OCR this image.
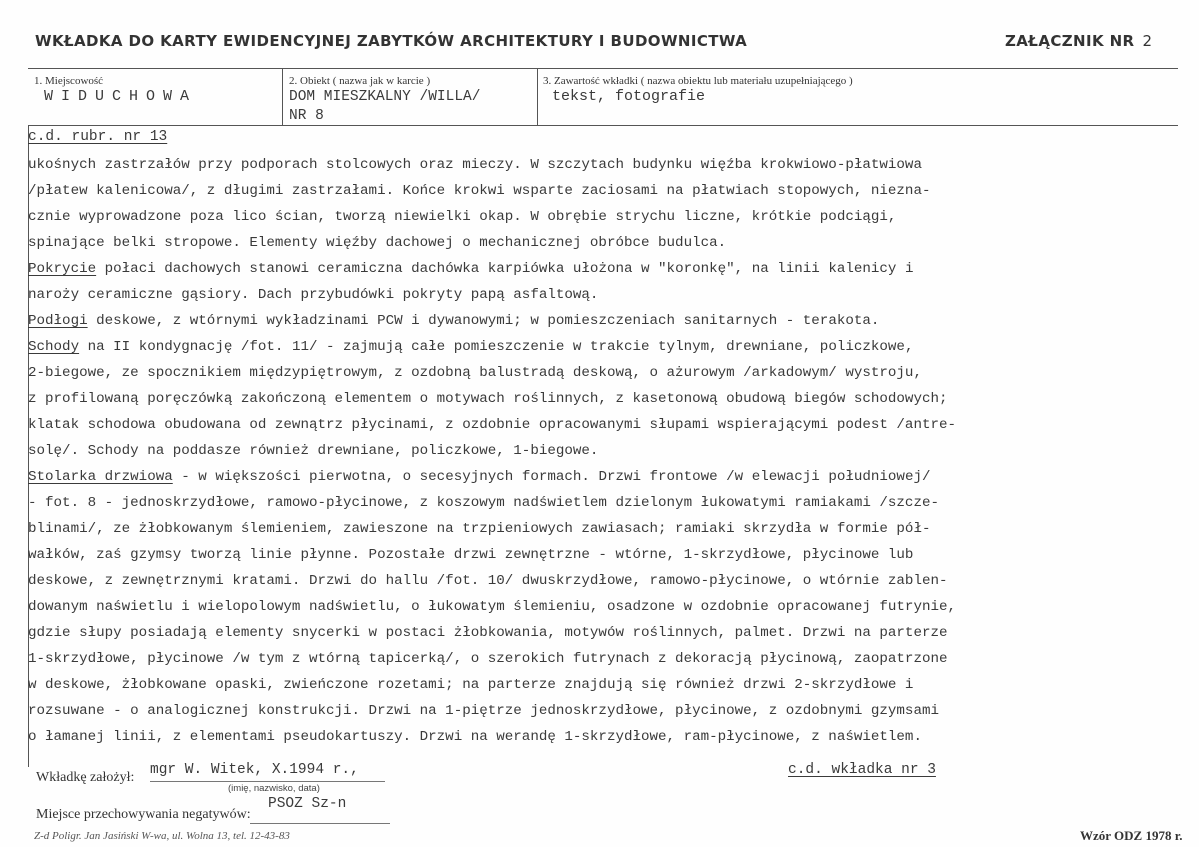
WKŁADKA DO KARTY EWIDENCYJNEJ ZABYTKÓW ARCHITEKTURY I BUDOWNICTWA	ZAŁĄCZNIK NR 2
1. Miejscowość
WIDUCHOWA
2. Obiekt ( nazwa jak w karcie )
DOM MIESZKALNY /WILLA/
NR 8
3. Zawartość wkładki ( nazwa obiektu lub materiału uzupełniającego )
tekst, fotografie
c.d. rubr. nr 13
ukośnych zastrzałów przy podporach stolcowych oraz mieczy. W szczytach budynku więźba krokwiowo-płatwiowa
/płatew kalenicowa/, z długimi zastrzałami. Końce krokwi wsparte zaciosami na płatwiach stopowych, niezna-
cznie wyprowadzone poza lico ścian, tworzą niewielki okap. W obrębie strychu liczne, krótkie podciągi,
spinające belki stropowe. Elementy więźby dachowej o mechanicznej obróbce budulca.
Pokrycie połaci dachowych stanowi ceramiczna dachówka karpiówka ułożona w "koronkę", na linii kalenicy i
naroży ceramiczne gąsiory. Dach przybudówki pokryty papą asfaltową.
Podłogi deskowe, z wtórnymi wykładzinami PCW i dywanowymi; w pomieszczeniach sanitarnych - terakota.
Schody na II kondygnację /fot. 11/ - zajmują całe pomieszczenie w trakcie tylnym, drewniane, policzkowe,
2-biegowe, ze spocznikiem międzypiętrowym, z ozdobną balustradą deskową, o ażurowym /arkadowym/ wystroju,
z profilowaną poręczówką zakończoną elementem o motywach roślinnych, z kasetonową obudową biegów schodowych;
klatak schodowa obudowana od zewnątrz płycinami, z ozdobnie opracowanymi słupami wspierającymi podest /antre-
solę/. Schody na poddasze również drewniane, policzkowe, 1-biegowe.
Stolarka drzwiowa - w większości pierwotna, o secesyjnych formach. Drzwi frontowe /w elewacji południowej/
- fot. 8 - jednoskrzydłowe, ramowo-płycinowe, z koszowym nadświetlem dzielonym łukowatymi ramiakami /szcze-
blinami/, ze żłobkowanym ślemieniem, zawieszone na trzpieniowych zawiasach; ramiaki skrzydła w formie pół-
wałków, zaś gzymsy tworzą linie płynne. Pozostałe drzwi zewnętrzne - wtórne, 1-skrzydłowe, płycinowe lub
deskowe, z zewnętrznymi kratami. Drzwi do hallu /fot. 10/ dwuskrzydłowe, ramowo-płycinowe, o wtórnie zablen-
dowanym naświetlu i wielopolowym nadświetlu, o łukowatym ślemieniu, osadzone w ozdobnie opracowanej futrynie,
gdzie słupy posiadają elementy snycerki w postaci żłobkowania, motywów roślinnych, palmet. Drzwi na parterze
1-skrzydłowe, płycinowe /w tym z wtórną tapicerką/, o szerokich futrynach z dekoracją płycinową, zaopatrzone
w deskowe, żłobkowane opaski, zwieńczone rozetami; na parterze znajdują się również drzwi 2-skrzydłowe i
rozsuwane - o analogicznej konstrukcji. Drzwi na 1-piętrze jednoskrzydłowe, płycinowe, z ozdobnymi gzymsami
o łamanej linii, z elementami pseudokartuszy. Drzwi na werandę 1-skrzydłowe, ram-płycinowe, z naświetlem.
Wkładkę założył: mgr W. Witek, X.1994 r.,
(imię, nazwisko, data)
c.d. wkładka nr 3
PSOZ Sz-n
Miejsce przechowywania negatywów:
Z-d Poligr. Jan Jasiński W-wa, ul. Wolna 13, tel. 12-43-83	Wzór ODZ 1978 r.
